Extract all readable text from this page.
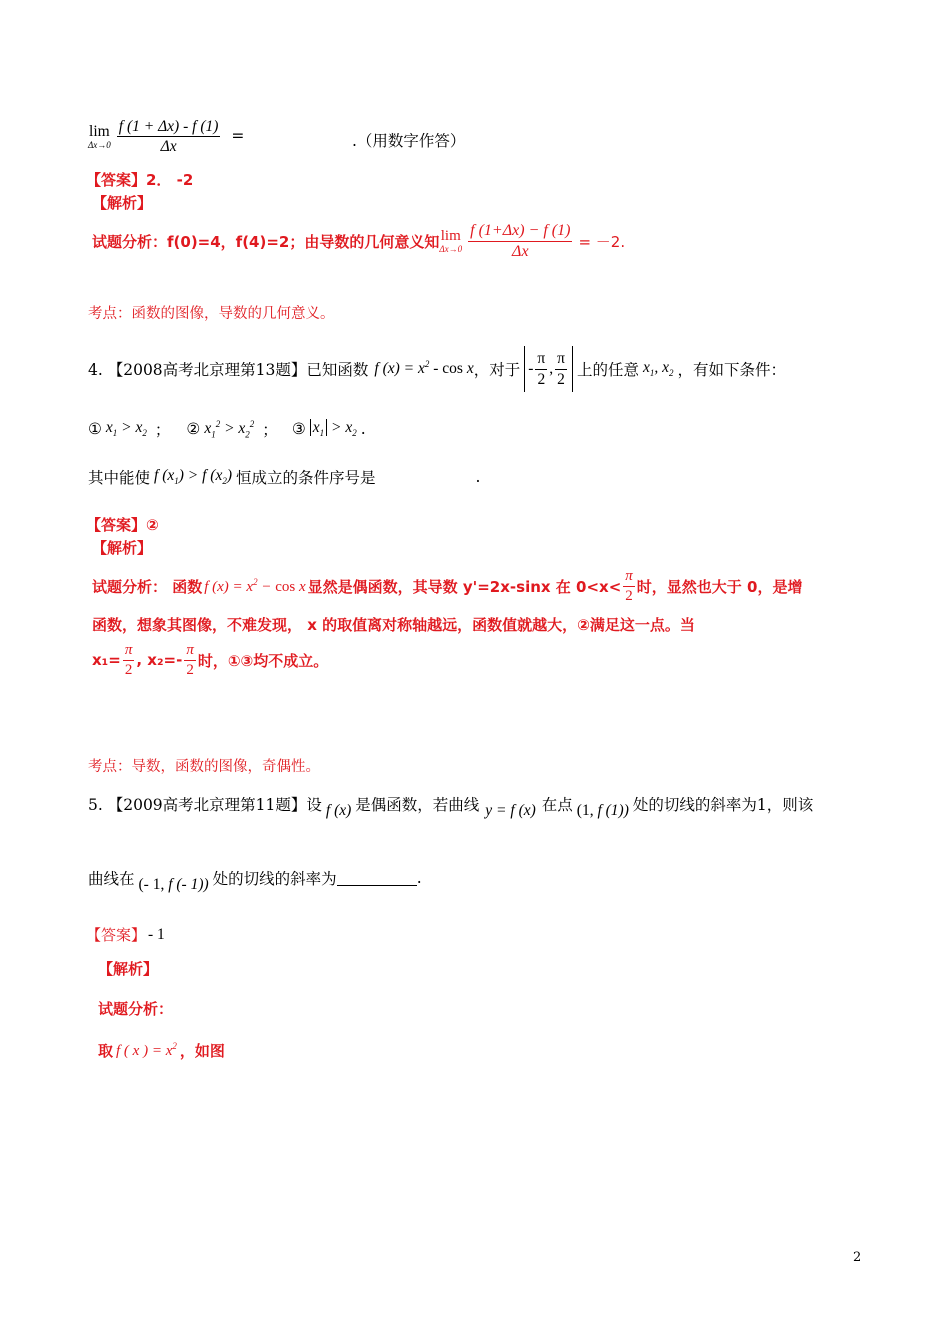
lim
$\Delta x\to 0 \frac{f (1 + \Delta x) - f (1)}{\Delta x}$ =	.（用数字作答）
【答案】2． -2
【解析】
试题分析：f(0)=4，f(4)=2；由导数的几何意义知 lim
$\Delta x\to 0 \frac{f (1+\Delta x) - f (1)}{\Delta x} = -2$.
考点：函数的图像，导数的几何意义。
4. 【2008高考北京理第13题】已知函数 f $(x) = x^2 - \cos x$ ，对于 - $\frac{\pi}{2}$ , $\frac{\pi}{2}$ 上的任意 $x_1$, $x_2$ ，有如下条件：
① $x_1 > x_2$ ； ② $x_1^2 > x_2^2$ ； ③ $x_1 > x_2$ .
其中能使 f $(x_1) > f$ $(x_2)$ 恒成立的条件序号是	.
【答案】②
【解析】
试题分析： 函数 f $(x) = x^2 - \cos x$ 显然是偶函数，其导数 y'=2x-sinx 在 $0<x< \frac{\pi}{2}$ 时，显然也大于 0，是增
函数，想象其图像，不难发现， x 的取值离对称轴越远，函数值就越大，②满足这一点。当
$x_1= \frac{\pi}{2}$ , $x_2=- \frac{\pi}{2}$ 时，①③均不成立。
考点：导数，函数的图像，奇偶性。
5. 【2009高考北京理第11题】设 f (x) 是偶函数，若曲线 y = f (x) 在点 (1, f (1)) 处的切线的斜率为1，则该
曲线在 (- 1, f (- 1)) 处的切线的斜率为	.
【答案】 - 1
【解析】
试题分析：
取 f ( x ) = $x^2$ ，如图
2
